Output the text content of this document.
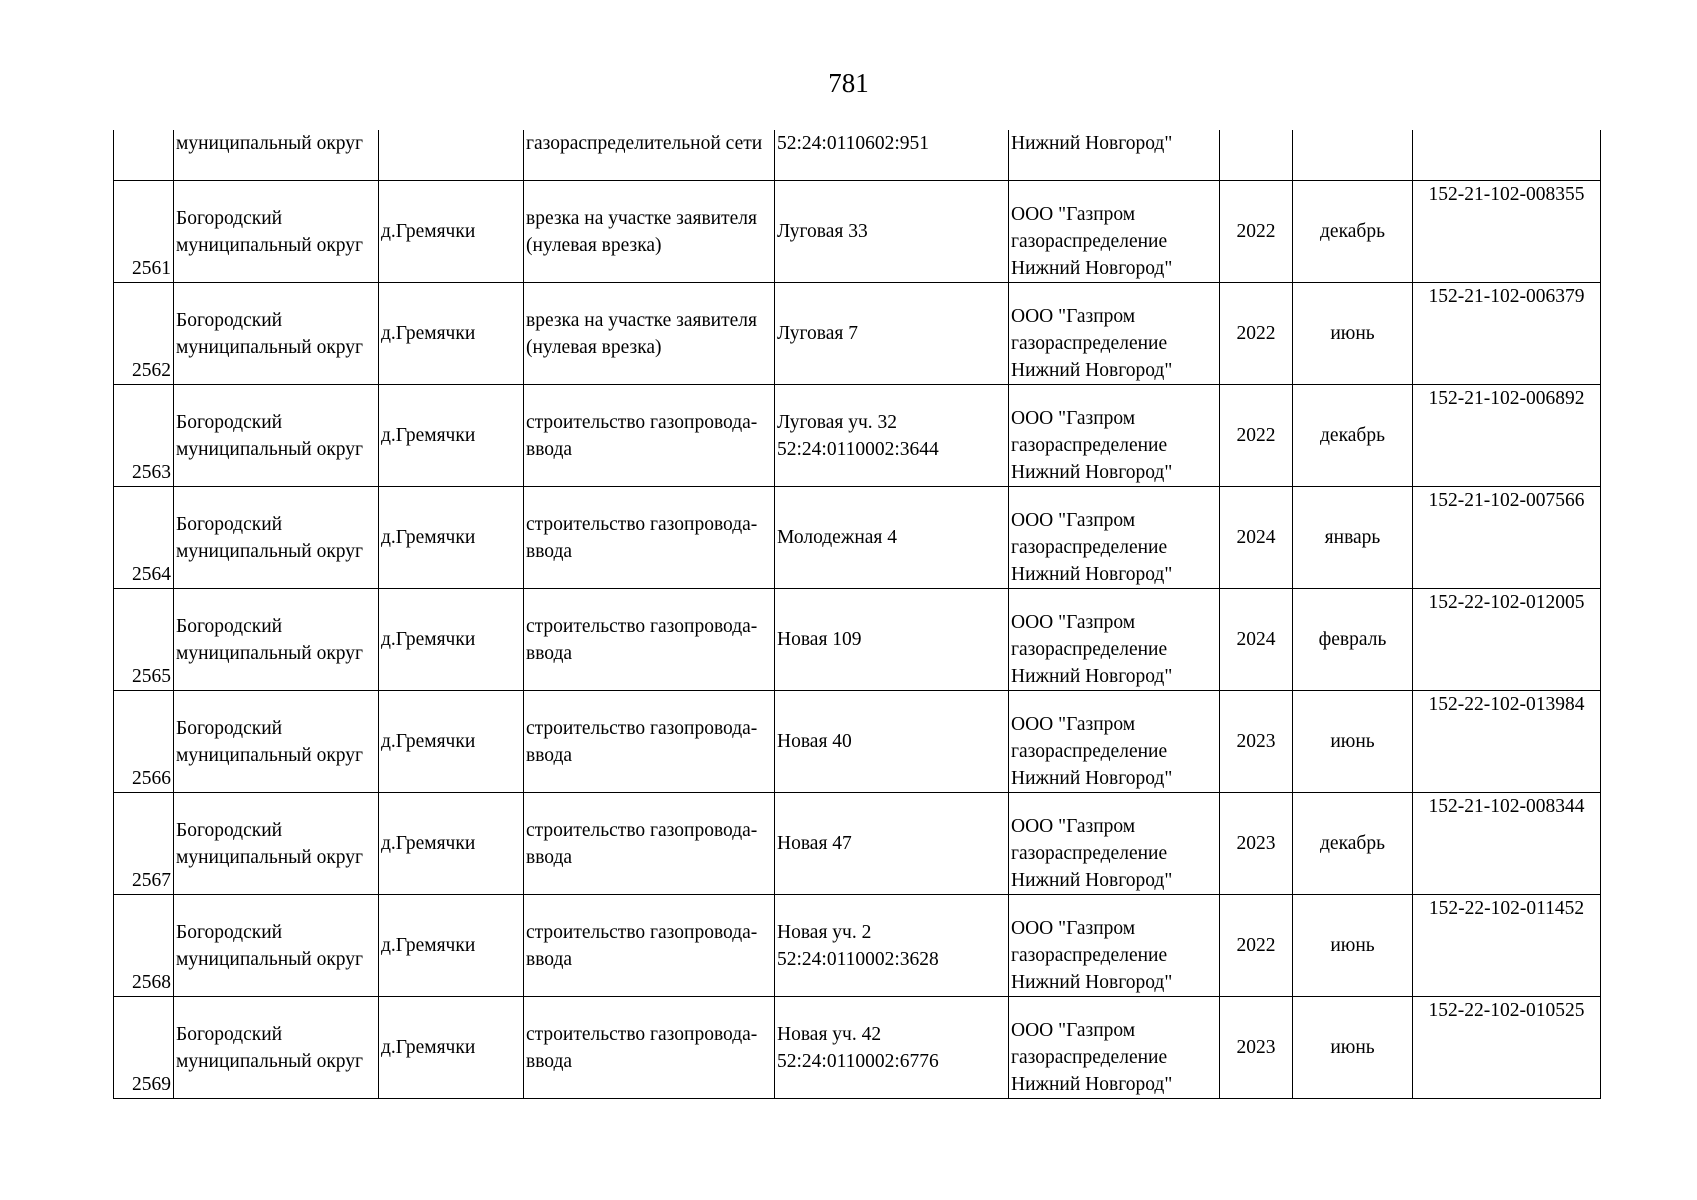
781
	муниципальный округ		газораспределительной сети	52:24:0110602:951	Нижний Новгород"			
2561	Богородский
муниципальный округ	д.Гремячки	врезка на участке заявителя
(нулевая врезка)	Луговая 33	ООО "Газпром
газораспределение
Нижний Новгород"	2022	декабрь	152-21-102-008355
2562	Богородский
муниципальный округ	д.Гремячки	врезка на участке заявителя
(нулевая врезка)	Луговая 7	ООО "Газпром
газораспределение
Нижний Новгород"	2022	июнь	152-21-102-006379
2563	Богородский
муниципальный округ	д.Гремячки	строительство газопровода-
ввода	Луговая уч. 32
52:24:0110002:3644	ООО "Газпром
газораспределение
Нижний Новгород"	2022	декабрь	152-21-102-006892
2564	Богородский
муниципальный округ	д.Гремячки	строительство газопровода-
ввода	Молодежная 4	ООО "Газпром
газораспределение
Нижний Новгород"	2024	январь	152-21-102-007566
2565	Богородский
муниципальный округ	д.Гремячки	строительство газопровода-
ввода	Новая 109	ООО "Газпром
газораспределение
Нижний Новгород"	2024	февраль	152-22-102-012005
2566	Богородский
муниципальный округ	д.Гремячки	строительство газопровода-
ввода	Новая 40	ООО "Газпром
газораспределение
Нижний Новгород"	2023	июнь	152-22-102-013984
2567	Богородский
муниципальный округ	д.Гремячки	строительство газопровода-
ввода	Новая 47	ООО "Газпром
газораспределение
Нижний Новгород"	2023	декабрь	152-21-102-008344
2568	Богородский
муниципальный округ	д.Гремячки	строительство газопровода-
ввода	Новая уч. 2
52:24:0110002:3628	ООО "Газпром
газораспределение
Нижний Новгород"	2022	июнь	152-22-102-011452
2569	Богородский
муниципальный округ	д.Гремячки	строительство газопровода-
ввода	Новая уч. 42
52:24:0110002:6776	ООО "Газпром
газораспределение
Нижний Новгород"	2023	июнь	152-22-102-010525
